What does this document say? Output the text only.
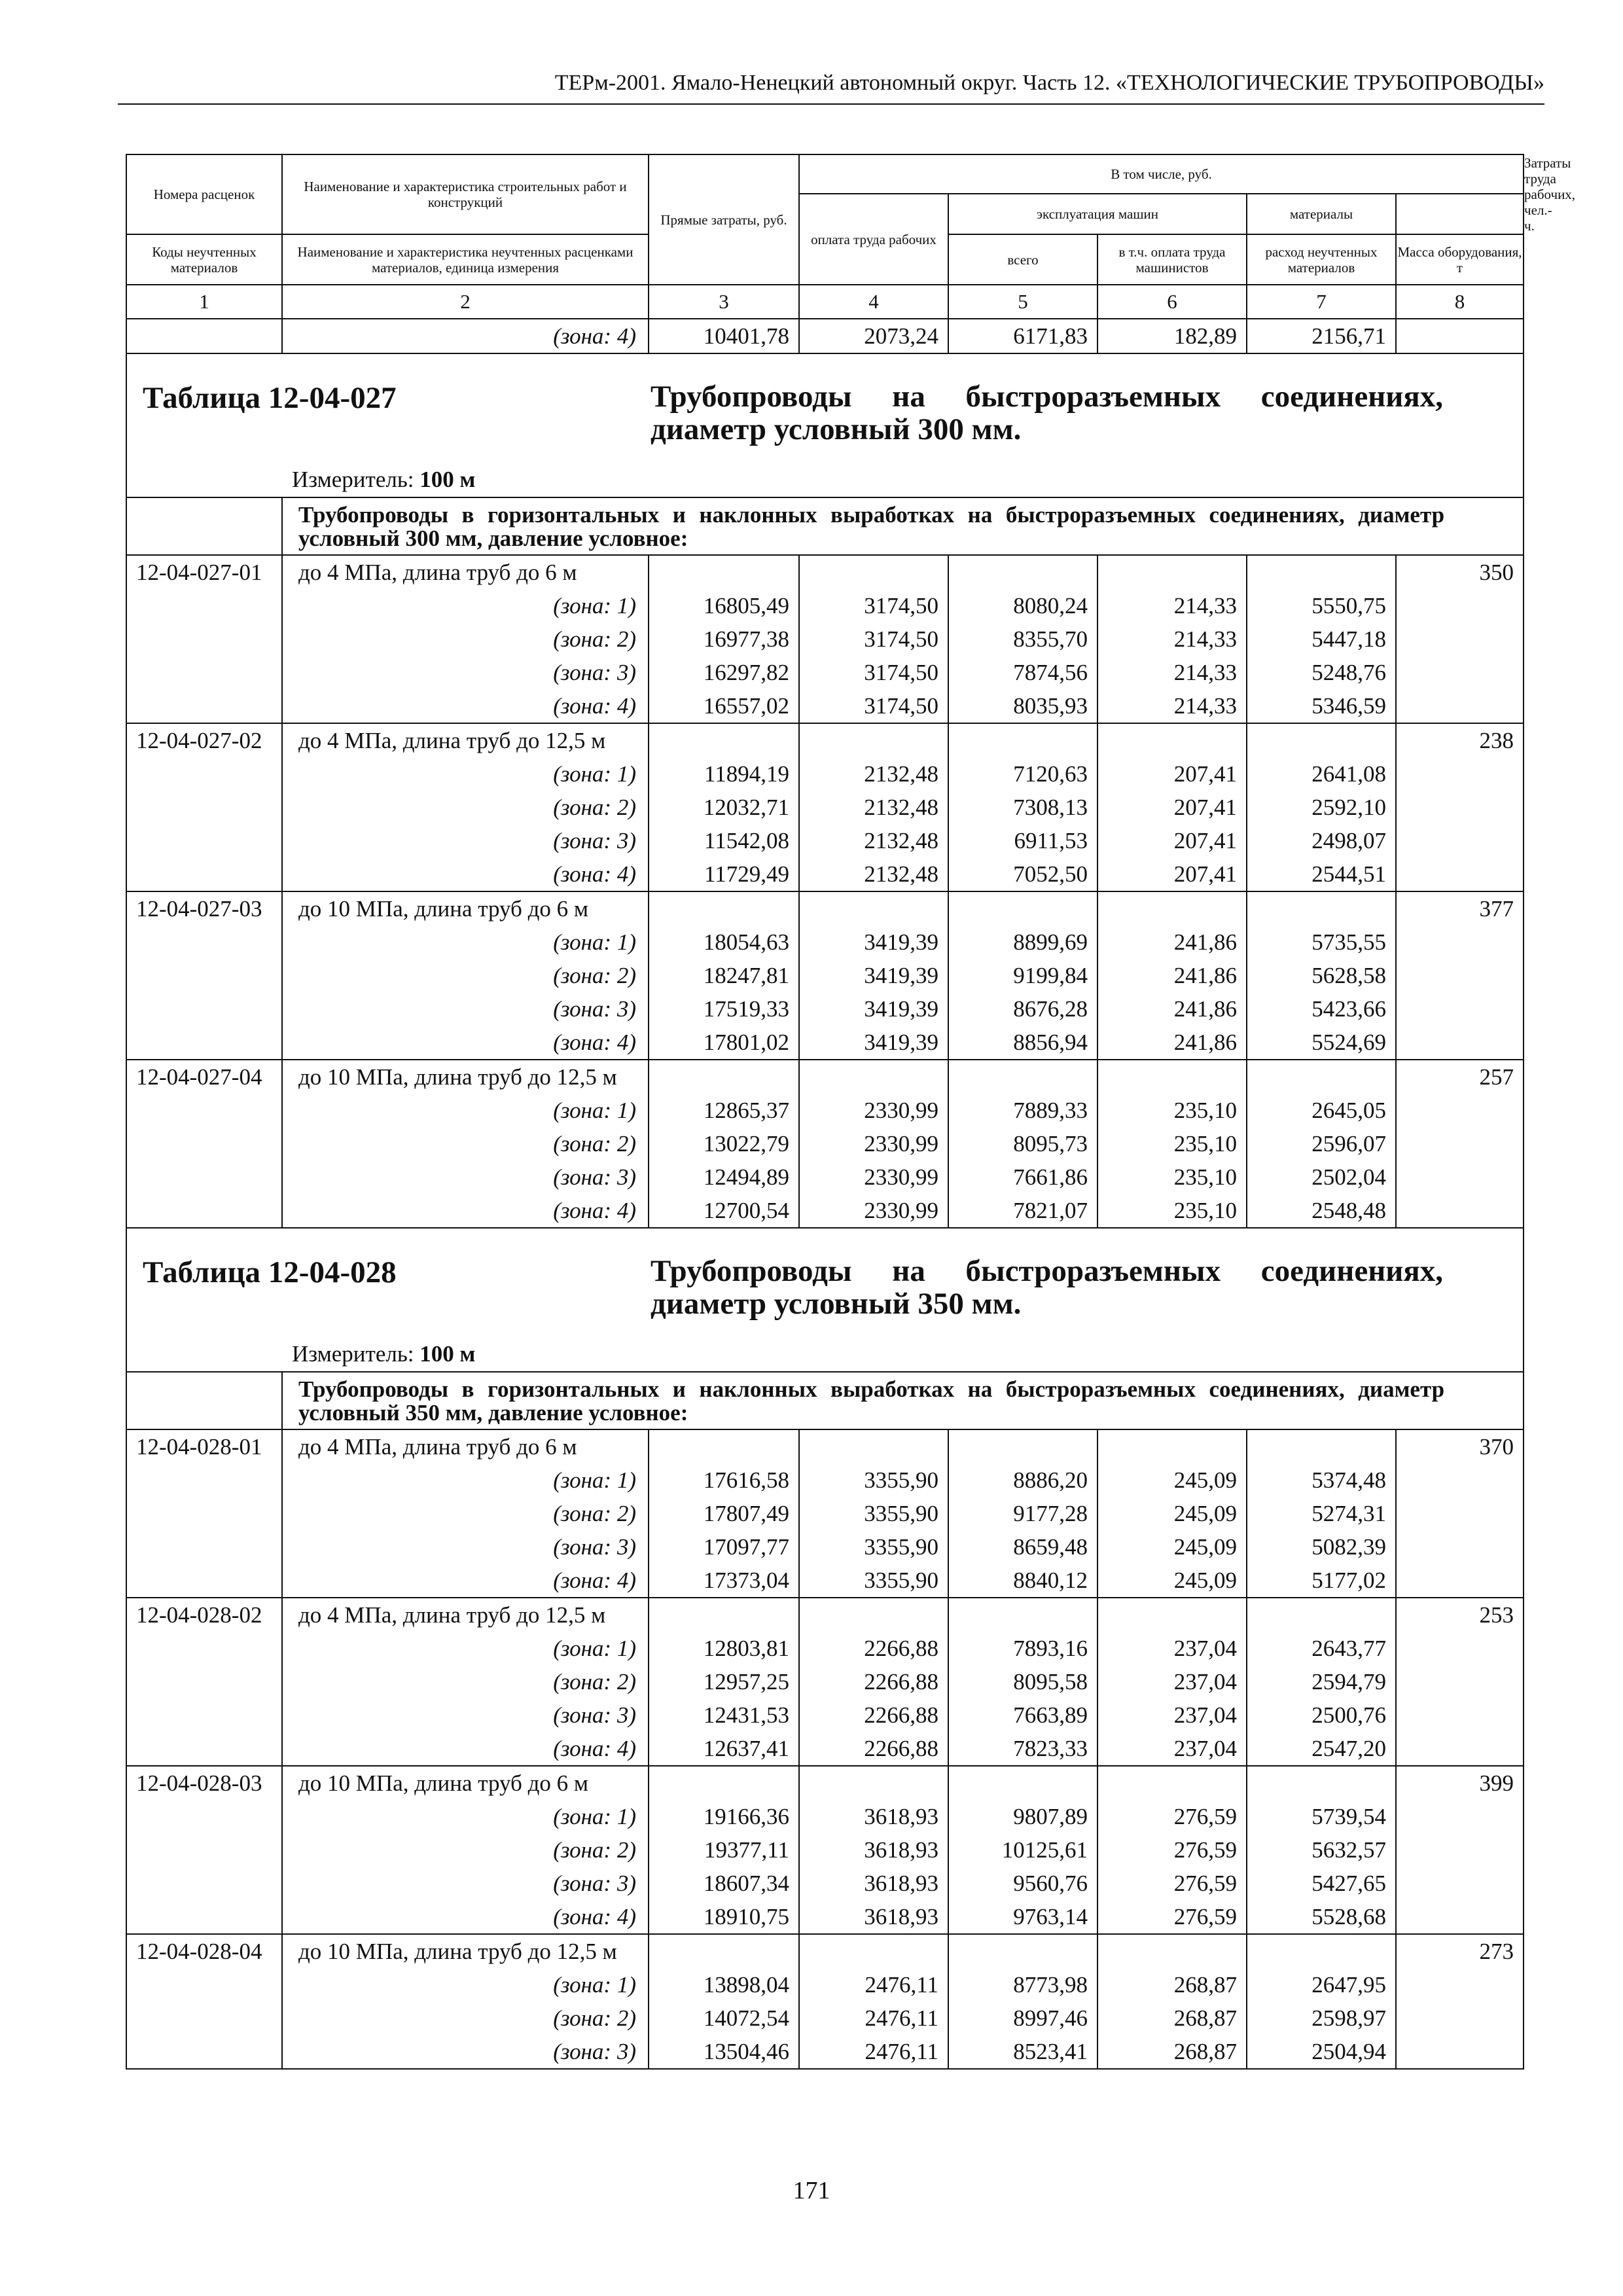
ТЕРм-2001. Ямало-Ненецкий автономный округ. Часть 12. «ТЕХНОЛОГИЧЕСКИЕ ТРУБОПРОВОДЫ»
Номера расценок	Наименование и характеристика строительных работ и конструкций	Прямые затраты, руб.	В том числе, руб.					Затраты труда рабочих, чел.-ч.
			оплата труда рабочих	эксплуатация машин		материалы		
Коды неучтенных материалов	Наименование и характеристика неучтенных расценками материалов, единица измерения			всего	в т.ч. оплата труда машинистов	расход неучтенных материалов	Масса оборудования, т	
1	2	3	4	5	6	7	8	
	(зона: 4)	10401,78	2073,24	6171,83	182,89	2156,71		

Таблица 12-04-027 Трубопроводы на быстроразъемных соединениях, диаметр условный 300 мм.
Измеритель: 100 м								

	Трубопроводы в горизонтальных и наклонных выработках на быстроразъемных соединениях, диаметр условный 300 мм, давление условное:							
12-04-027-01	до 4 МПа, длина труб до 6 м						350	
	(зона: 1)	16805,49	3174,50	8080,24	214,33	5550,75		
	(зона: 2)	16977,38	3174,50	8355,70	214,33	5447,18		
	(зона: 3)	16297,82	3174,50	7874,56	214,33	5248,76		
	(зона: 4)	16557,02	3174,50	8035,93	214,33	5346,59		
12-04-027-02	до 4 МПа, длина труб до 12,5 м						238	
	(зона: 1)	11894,19	2132,48	7120,63	207,41	2641,08		
	(зона: 2)	12032,71	2132,48	7308,13	207,41	2592,10		
	(зона: 3)	11542,08	2132,48	6911,53	207,41	2498,07		
	(зона: 4)	11729,49	2132,48	7052,50	207,41	2544,51		
12-04-027-03	до 10 МПа, длина труб до 6 м						377	
	(зона: 1)	18054,63	3419,39	8899,69	241,86	5735,55		
	(зона: 2)	18247,81	3419,39	9199,84	241,86	5628,58		
	(зона: 3)	17519,33	3419,39	8676,28	241,86	5423,66		
	(зона: 4)	17801,02	3419,39	8856,94	241,86	5524,69		
12-04-027-04	до 10 МПа, длина труб до 12,5 м						257	
	(зона: 1)	12865,37	2330,99	7889,33	235,10	2645,05		
	(зона: 2)	13022,79	2330,99	8095,73	235,10	2596,07		
	(зона: 3)	12494,89	2330,99	7661,86	235,10	2502,04		
	(зона: 4)	12700,54	2330,99	7821,07	235,10	2548,48		

Таблица 12-04-028 Трубопроводы на быстроразъемных соединениях, диаметр условный 350 мм.
Измеритель: 100 м								

	Трубопроводы в горизонтальных и наклонных выработках на быстроразъемных соединениях, диаметр условный 350 мм, давление условное:							
12-04-028-01	до 4 МПа, длина труб до 6 м						370	
	(зона: 1)	17616,58	3355,90	8886,20	245,09	5374,48		
	(зона: 2)	17807,49	3355,90	9177,28	245,09	5274,31		
	(зона: 3)	17097,77	3355,90	8659,48	245,09	5082,39		
	(зона: 4)	17373,04	3355,90	8840,12	245,09	5177,02		
12-04-028-02	до 4 МПа, длина труб до 12,5 м						253	
	(зона: 1)	12803,81	2266,88	7893,16	237,04	2643,77		
	(зона: 2)	12957,25	2266,88	8095,58	237,04	2594,79		
	(зона: 3)	12431,53	2266,88	7663,89	237,04	2500,76		
	(зона: 4)	12637,41	2266,88	7823,33	237,04	2547,20		
12-04-028-03	до 10 МПа, длина труб до 6 м						399	
	(зона: 1)	19166,36	3618,93	9807,89	276,59	5739,54		
	(зона: 2)	19377,11	3618,93	10125,61	276,59	5632,57		
	(зона: 3)	18607,34	3618,93	9560,76	276,59	5427,65		
	(зона: 4)	18910,75	3618,93	9763,14	276,59	5528,68		
12-04-028-04	до 10 МПа, длина труб до 12,5 м						273	
	(зона: 1)	13898,04	2476,11	8773,98	268,87	2647,95		
	(зона: 2)	14072,54	2476,11	8997,46	268,87	2598,97		
	(зона: 3)	13504,46	2476,11	8523,41	268,87	2504,94		
171
